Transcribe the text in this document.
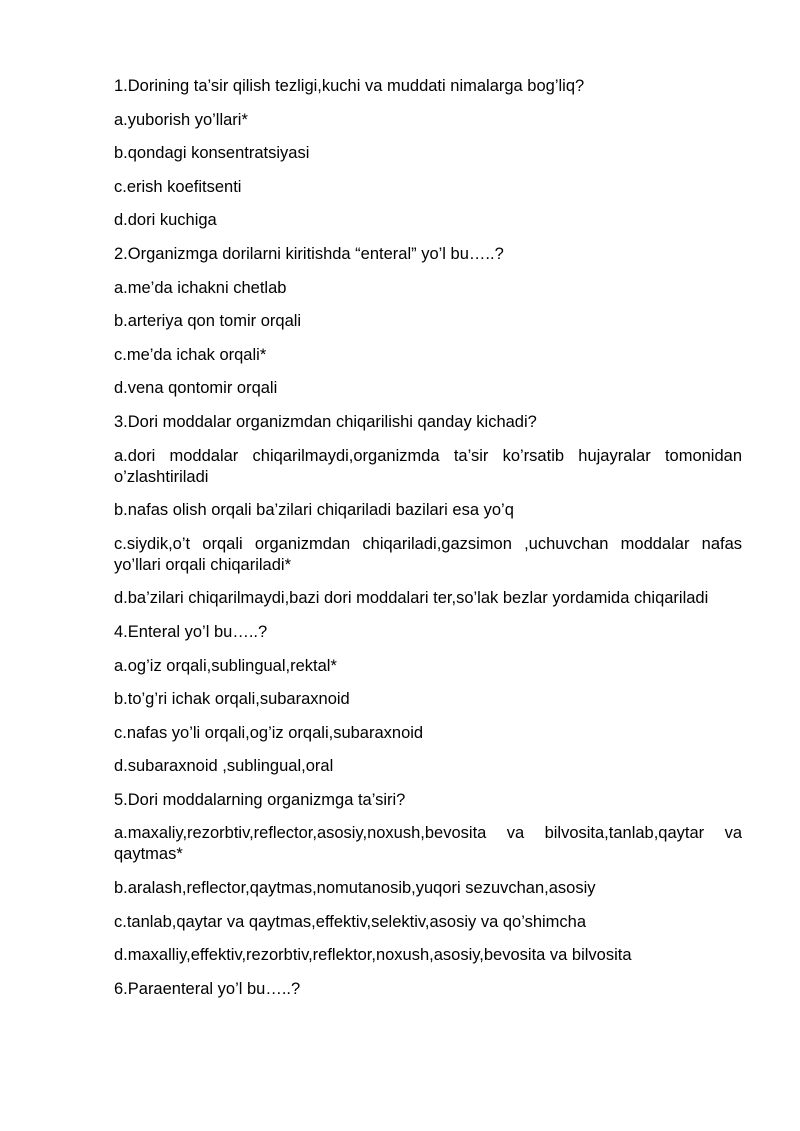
1.Dorining ta’sir qilish tezligi,kuchi va muddati nimalarga bog’liq?

a.yuborish yo’llari*

b.qondagi konsentratsiyasi

c.erish koefitsenti

d.dori kuchiga

2.Organizmga dorilarni kiritishda “enteral” yo’l bu…..?

a.me’da ichakni chetlab

b.arteriya qon tomir orqali

c.me’da ichak orqali*

d.vena qontomir orqali

3.Dori moddalar organizmdan chiqarilishi qanday kichadi?

a.dori moddalar chiqarilmaydi,organizmda ta’sir ko’rsatib hujayralar tomonidan o’zlashtiriladi

b.nafas olish orqali ba’zilari chiqariladi bazilari esa yo’q

c.siydik,o’t orqali organizmdan chiqariladi,gazsimon ,uchuvchan moddalar nafas yo’llari orqali chiqariladi*

d.ba’zilari chiqarilmaydi,bazi dori moddalari ter,so’lak bezlar yordamida chiqariladi

4.Enteral yo’l bu…..?

a.og’iz orqali,sublingual,rektal*

b.to’g’ri ichak orqali,subaraxnoid

c.nafas yo’li orqali,og’iz orqali,subaraxnoid

d.subaraxnoid ,sublingual,oral

5.Dori moddalarning organizmga ta’siri?

a.maxaliy,rezorbtiv,reflector,asosiy,noxush,bevosita va bilvosita,tanlab,qaytar va qaytmas*

b.aralash,reflector,qaytmas,nomutanosib,yuqori sezuvchan,asosiy

c.tanlab,qaytar va qaytmas,effektiv,selektiv,asosiy va qo’shimcha

d.maxalliy,effektiv,rezorbtiv,reflektor,noxush,asosiy,bevosita va bilvosita

6.Paraenteral yo’l bu…..?
